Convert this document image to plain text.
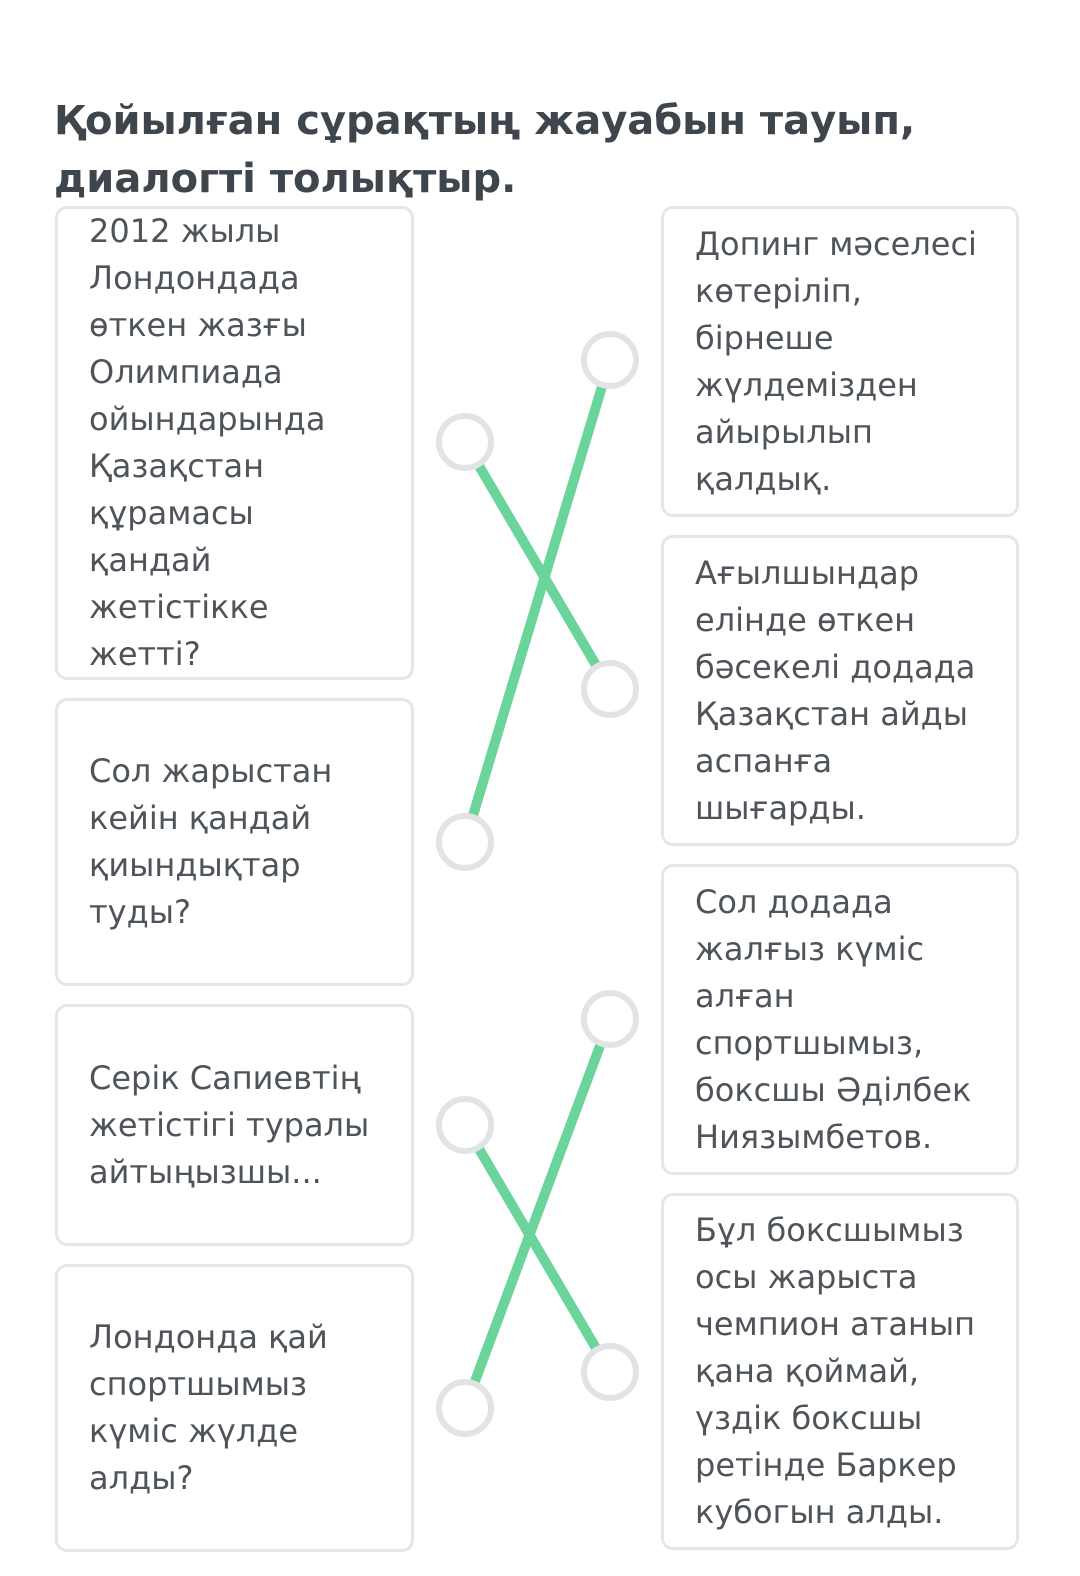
Қойылған сұрақтың жауабын тауып, диалогті толықтыр.
2012 жылы
Лондондада
өткен жазғы
Олимпиада
ойындарында
Қазақстан
құрамасы қандай
жетістікке жетті?
Сол жарыстан
кейін қандай
қиындықтар
туды?
Серік Сапиевтің
жетістігі туралы
айтыңызшы...
Лондонда қай
спортшымыз
күміс жүлде
алды?
Допинг мәселесі
көтеріліп,
бірнеше
жүлдемізден
айырылып
қалдық.
Ағылшындар
елінде өткен
бәсекелі додада
Қазақстан айды
аспанға
шығарды.
Сол додада
жалғыз күміс
алған
спортшымыз,
боксшы Әділбек
Ниязымбетов.
Бұл боксшымыз
осы жарыста
чемпион атанып
қана қоймай,
үздік боксшы
ретінде Баркер
кубогын алды.
